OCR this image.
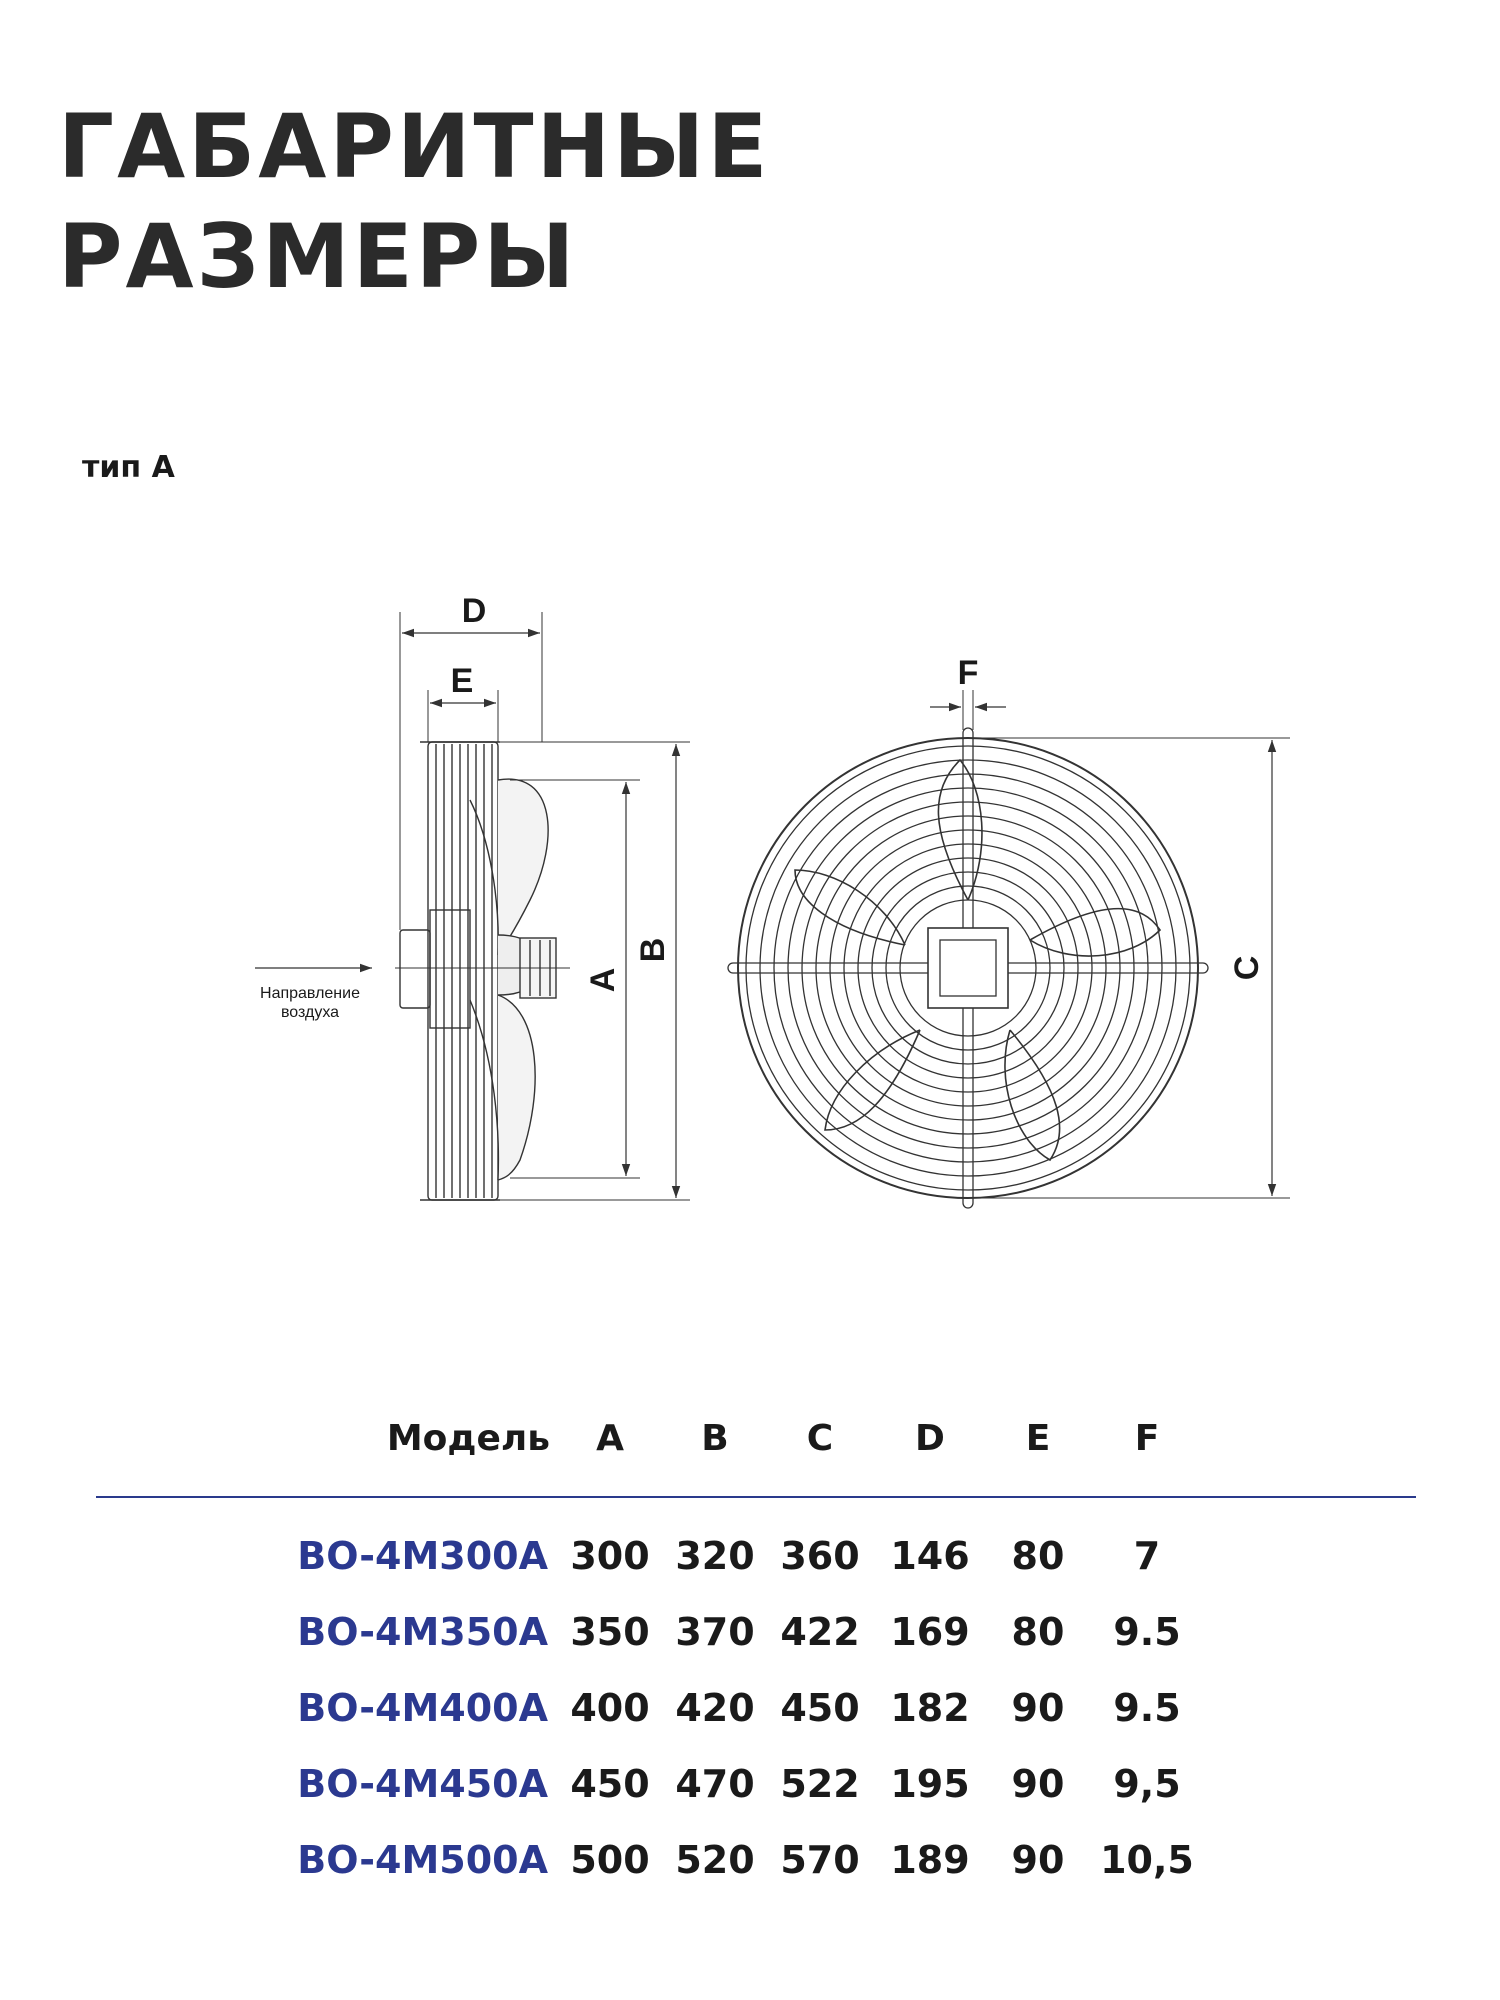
ГАБАРИТНЫЕ
РАЗМЕРЫ
тип А
D
E
A
B
Направление
воздуха
F
C
Модель	A	B	C	D	E	F
BO-4M300A 300 320 360 146	80	7
BO-4M350A 350 370 422 169	80	9.5
BO-4M400A 400 420 450 182	90	9.5
BO-4M450A 450 470 522 195	90	9,5
BO-4M500A 500 520 570 189	90 10,5
